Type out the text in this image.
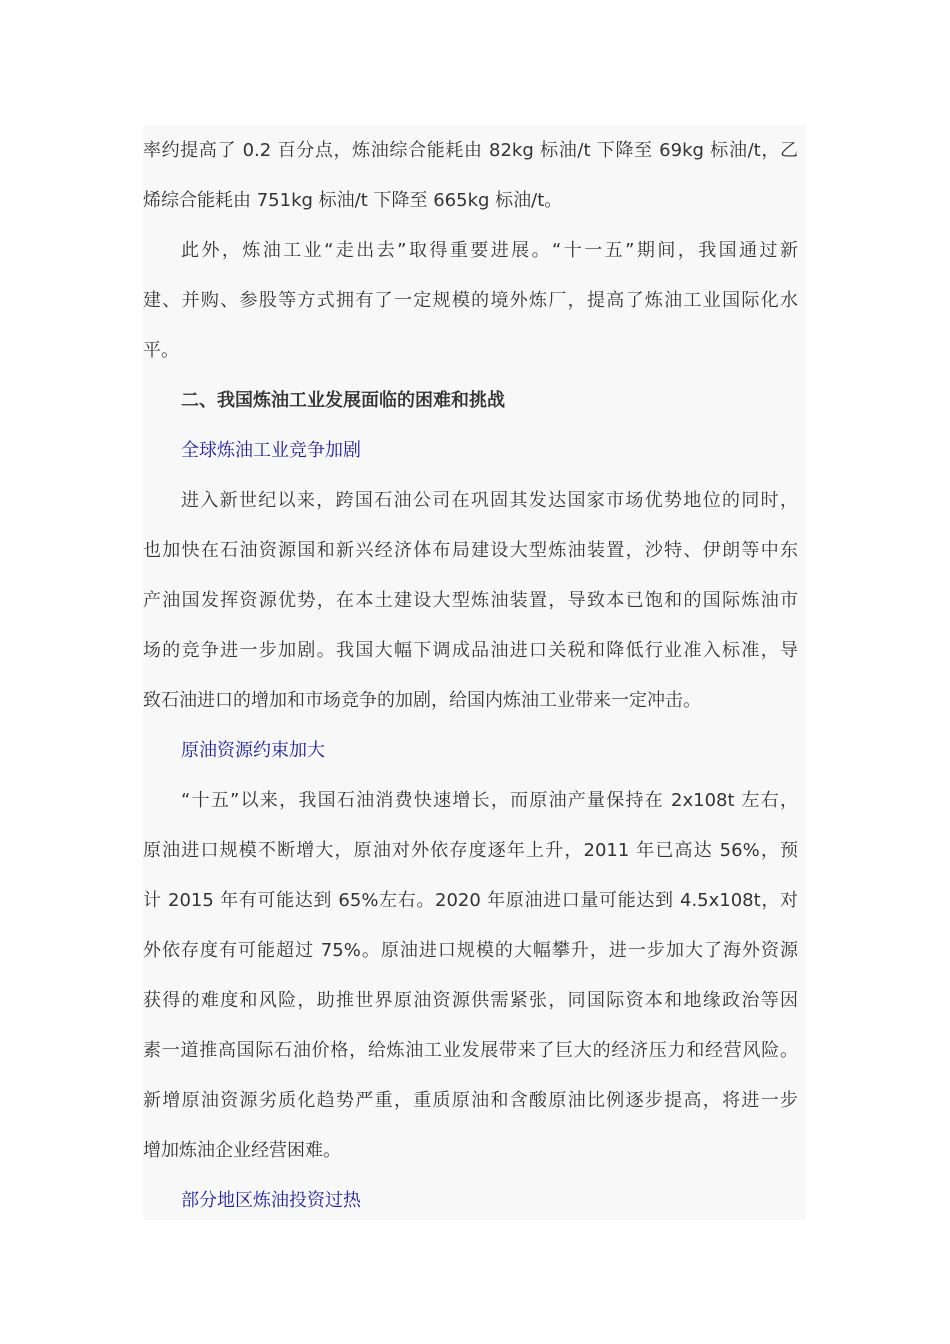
率约提高了 0.2 百分点，炼油综合能耗由 82kg 标油/t 下降至 69kg 标油/t，乙
烯综合能耗由 751kg 标油/t 下降至 665kg 标油/t。
此外，炼油工业“走出去”取得重要进展。“十一五”期间，我国通过新
建、并购、参股等方式拥有了一定规模的境外炼厂，提高了炼油工业国际化水
平。
二、我国炼油工业发展面临的困难和挑战
全球炼油工业竞争加剧
进入新世纪以来，跨国石油公司在巩固其发达国家市场优势地位的同时，
也加快在石油资源国和新兴经济体布局建设大型炼油装置，沙特、伊朗等中东
产油国发挥资源优势，在本土建设大型炼油装置，导致本已饱和的国际炼油市
场的竞争进一步加剧。我国大幅下调成品油进口关税和降低行业准入标准，导
致石油进口的增加和市场竞争的加剧，给国内炼油工业带来一定冲击。
原油资源约束加大
“十五”以来，我国石油消费快速增长，而原油产量保持在 2x108t 左右，
原油进口规模不断增大，原油对外依存度逐年上升，2011 年已高达 56%，预
计 2015 年有可能达到 65%左右。2020 年原油进口量可能达到 4.5x108t，对
外依存度有可能超过 75%。原油进口规模的大幅攀升，进一步加大了海外资源
获得的难度和风险，助推世界原油资源供需紧张，同国际资本和地缘政治等因
素一道推高国际石油价格，给炼油工业发展带来了巨大的经济压力和经营风险。
新增原油资源劣质化趋势严重，重质原油和含酸原油比例逐步提高，将进一步
增加炼油企业经营困难。
部分地区炼油投资过热
